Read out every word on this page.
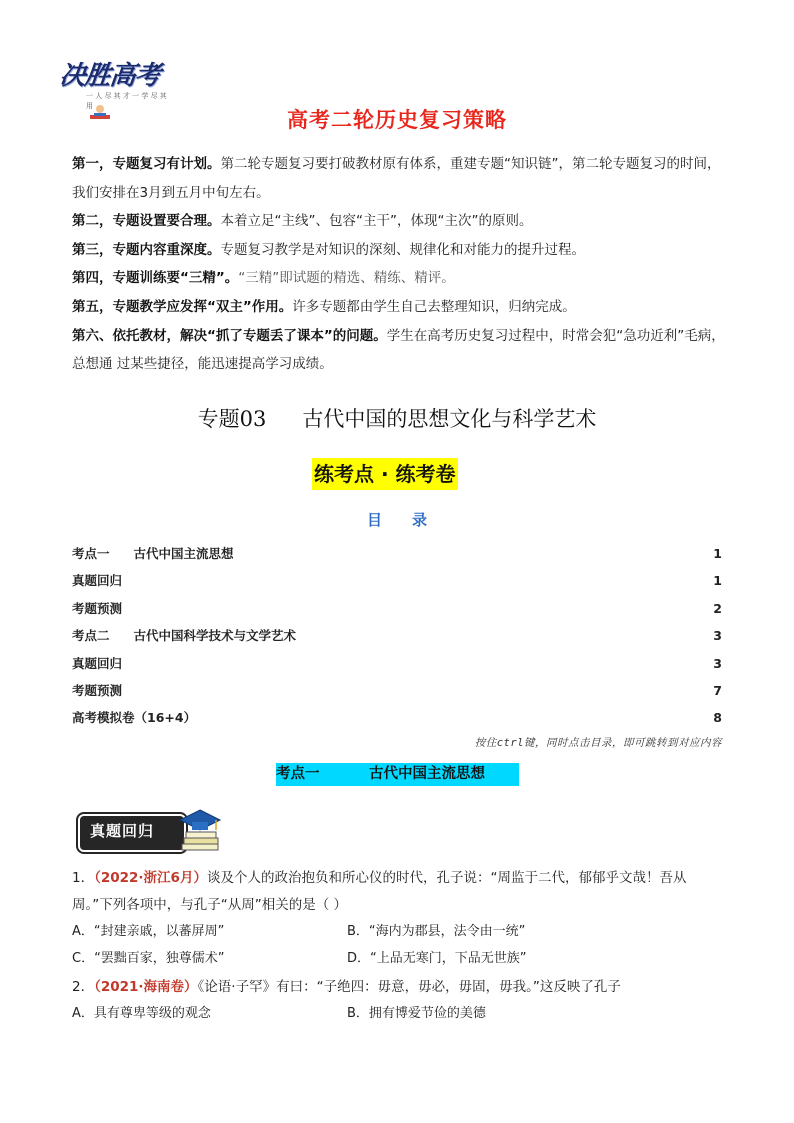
决胜高考
一 人 尽 其 才 一 学 尽 其 用
高考二轮历史复习策略

第一，专题复习有计划。第二轮专题复习要打破教材原有体系，重建专题“知识链”，第二轮专题复习的时间，我们安排在3月到五月中旬左右。

第二，专题设置要合理。本着立足“主线”、包容“主干”，体现“主次”的原则。

第三，专题内容重深度。专题复习教学是对知识的深刻、规律化和对能力的提升过程。

第四，专题训练要“三精”。“三精”即试题的精选、精练、精评。

第五，专题教学应发挥“双主”作用。许多专题都由学生自己去整理知识，归纳完成。

第六、依托教材，解决“抓了专题丢了课本”的问题。学生在高考历史复习过程中，时常会犯“急功近利”毛病，总想通 过某些捷径，能迅速提高学习成绩。

专题03 古代中国的思想文化与科学艺术
练考点 · 练考卷
目录
考点一 古代中国主流思想	1
真题回归	1
考题预测	2
考点二 古代中国科学技术与文学艺术	3
真题回归	3
考题预测	7
高考模拟卷（16+4）	8
按住ctrl键，同时点击目录，即可跳转到对应内容
考点一	古代中国主流思想
真题回归
1．（2022·浙江6月）谈及个人的政治抱负和所心仪的时代，孔子说：“周监于二代，郁郁乎文哉！吾从
周。”下列各项中，与孔子“从周”相关的是（ ）
A．“封建亲戚，以蕃屏周”	B．“海内为郡县，法令由一统”
C．“罢黜百家，独尊儒术”	D．“上品无寒门，下品无世族”
2．（2021·海南卷）《论语·子罕》有曰：“子绝四：毋意，毋必，毋固，毋我。”这反映了孔子
A．具有尊卑等级的观念	B．拥有博爱节俭的美德
